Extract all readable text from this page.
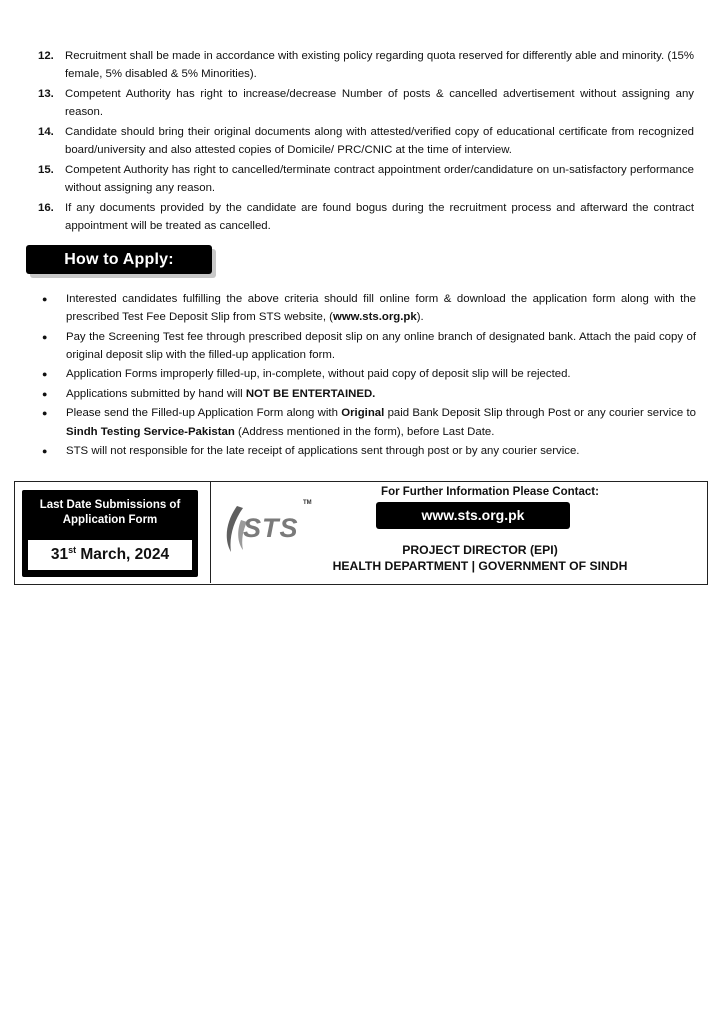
12. Recruitment shall be made in accordance with existing policy regarding quota reserved for differently able and minority. (15% female, 5% disabled & 5% Minorities).
13. Competent Authority has right to increase/decrease Number of posts & cancelled advertisement without assigning any reason.
14. Candidate should bring their original documents along with attested/verified copy of educational certificate from recognized board/university and also attested copies of Domicile/ PRC/CNIC at the time of interview.
15. Competent Authority has right to cancelled/terminate contract appointment order/candidature on un-satisfactory performance without assigning any reason.
16. If any documents provided by the candidate are found bogus during the recruitment process and afterward the contract appointment will be treated as cancelled.
How to Apply:
●	Interested candidates fulfilling the above criteria should fill online form & download the application form along with the prescribed Test Fee Deposit Slip from STS website, (www.sts.org.pk).
●	Pay the Screening Test fee through prescribed deposit slip on any online branch of designated bank. Attach the paid copy of original deposit slip with the filled-up application form.
●	Application Forms improperly filled-up, in-complete, without paid copy of deposit slip will be rejected.
●	Applications submitted by hand will NOT BE ENTERTAINED.
●	Please send the Filled-up Application Form along with Original paid Bank Deposit Slip through Post or any courier service to Sindh Testing Service-Pakistan (Address mentioned in the form), before Last Date.
●	STS will not responsible for the late receipt of applications sent through post or by any courier service.
Last Date Submissions of
Application Form
31st March, 2024
STS
TM
For Further Information Please Contact:
www.sts.org.pk
PROJECT DIRECTOR (EPI)
HEALTH DEPARTMENT | GOVERNMENT OF SINDH
